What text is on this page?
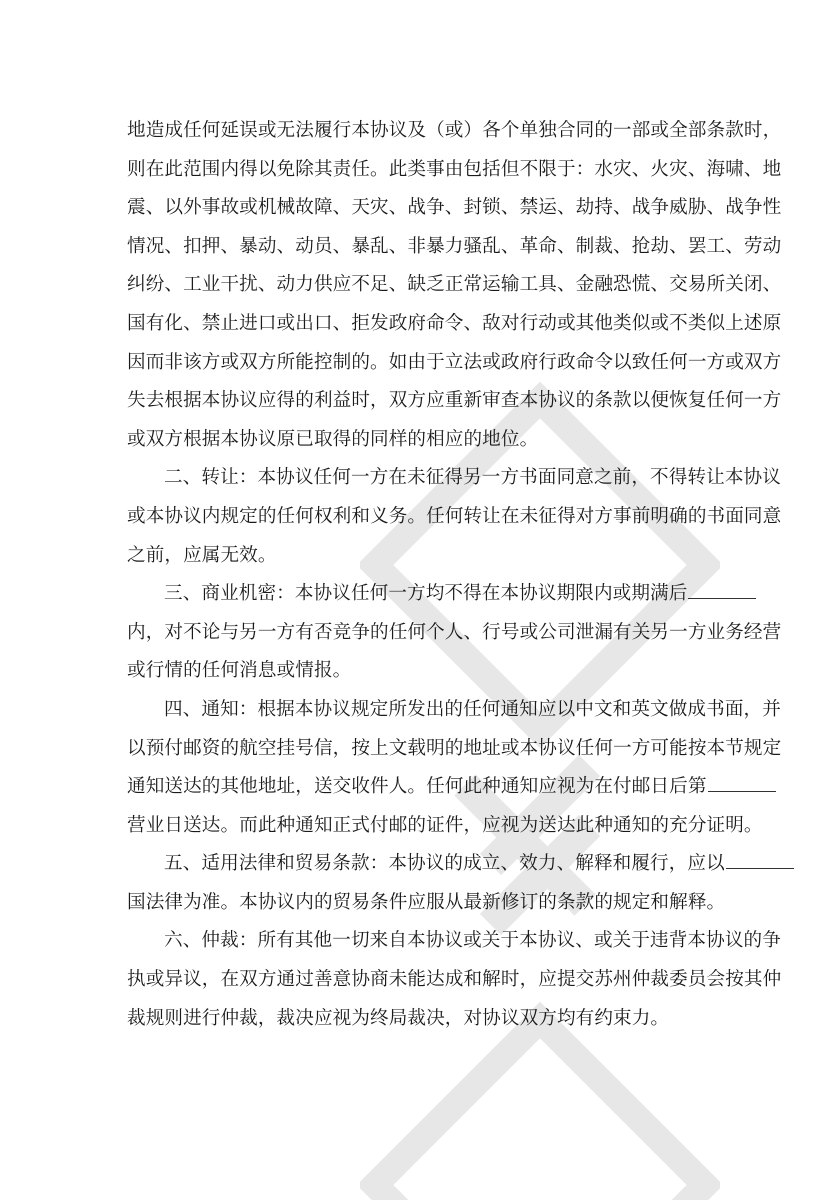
地造成任何延误或无法履行本协议及（或）各个单独合同的一部或全部条款时，
则在此范围内得以免除其责任。此类事由包括但不限于：水灾、火灾、海啸、地
震、以外事故或机械故障、天灾、战争、封锁、禁运、劫持、战争威胁、战争性
情况、扣押、暴动、动员、暴乱、非暴力骚乱、革命、制裁、抢劫、罢工、劳动
纠纷、工业干扰、动力供应不足、缺乏正常运输工具、金融恐慌、交易所关闭、
国有化、禁止进口或出口、拒发政府命令、敌对行动或其他类似或不类似上述原
因而非该方或双方所能控制的。如由于立法或政府行政命令以致任何一方或双方
失去根据本协议应得的利益时，双方应重新审查本协议的条款以便恢复任何一方
或双方根据本协议原已取得的同样的相应的地位。
二、转让：本协议任何一方在未征得另一方书面同意之前，不得转让本协议
或本协议内规定的任何权利和义务。任何转让在未征得对方事前明确的书面同意
之前，应属无效。
三、商业机密：本协议任何一方均不得在本协议期限内或期满后
内，对不论与另一方有否竞争的任何个人、行号或公司泄漏有关另一方业务经营
或行情的任何消息或情报。
四、通知：根据本协议规定所发出的任何通知应以中文和英文做成书面，并
以预付邮资的航空挂号信，按上文载明的地址或本协议任何一方可能按本节规定
通知送达的其他地址，送交收件人。任何此种通知应视为在付邮日后第
营业日送达。而此种通知正式付邮的证件，应视为送达此种通知的充分证明。
五、适用法律和贸易条款：本协议的成立、效力、解释和履行，应以
国法律为准。本协议内的贸易条件应服从最新修订的条款的规定和解释。
六、仲裁：所有其他一切来自本协议或关于本协议、或关于违背本协议的争
执或异议，在双方通过善意协商未能达成和解时，应提交苏州仲裁委员会按其仲
裁规则进行仲裁，裁决应视为终局裁决，对协议双方均有约束力。
